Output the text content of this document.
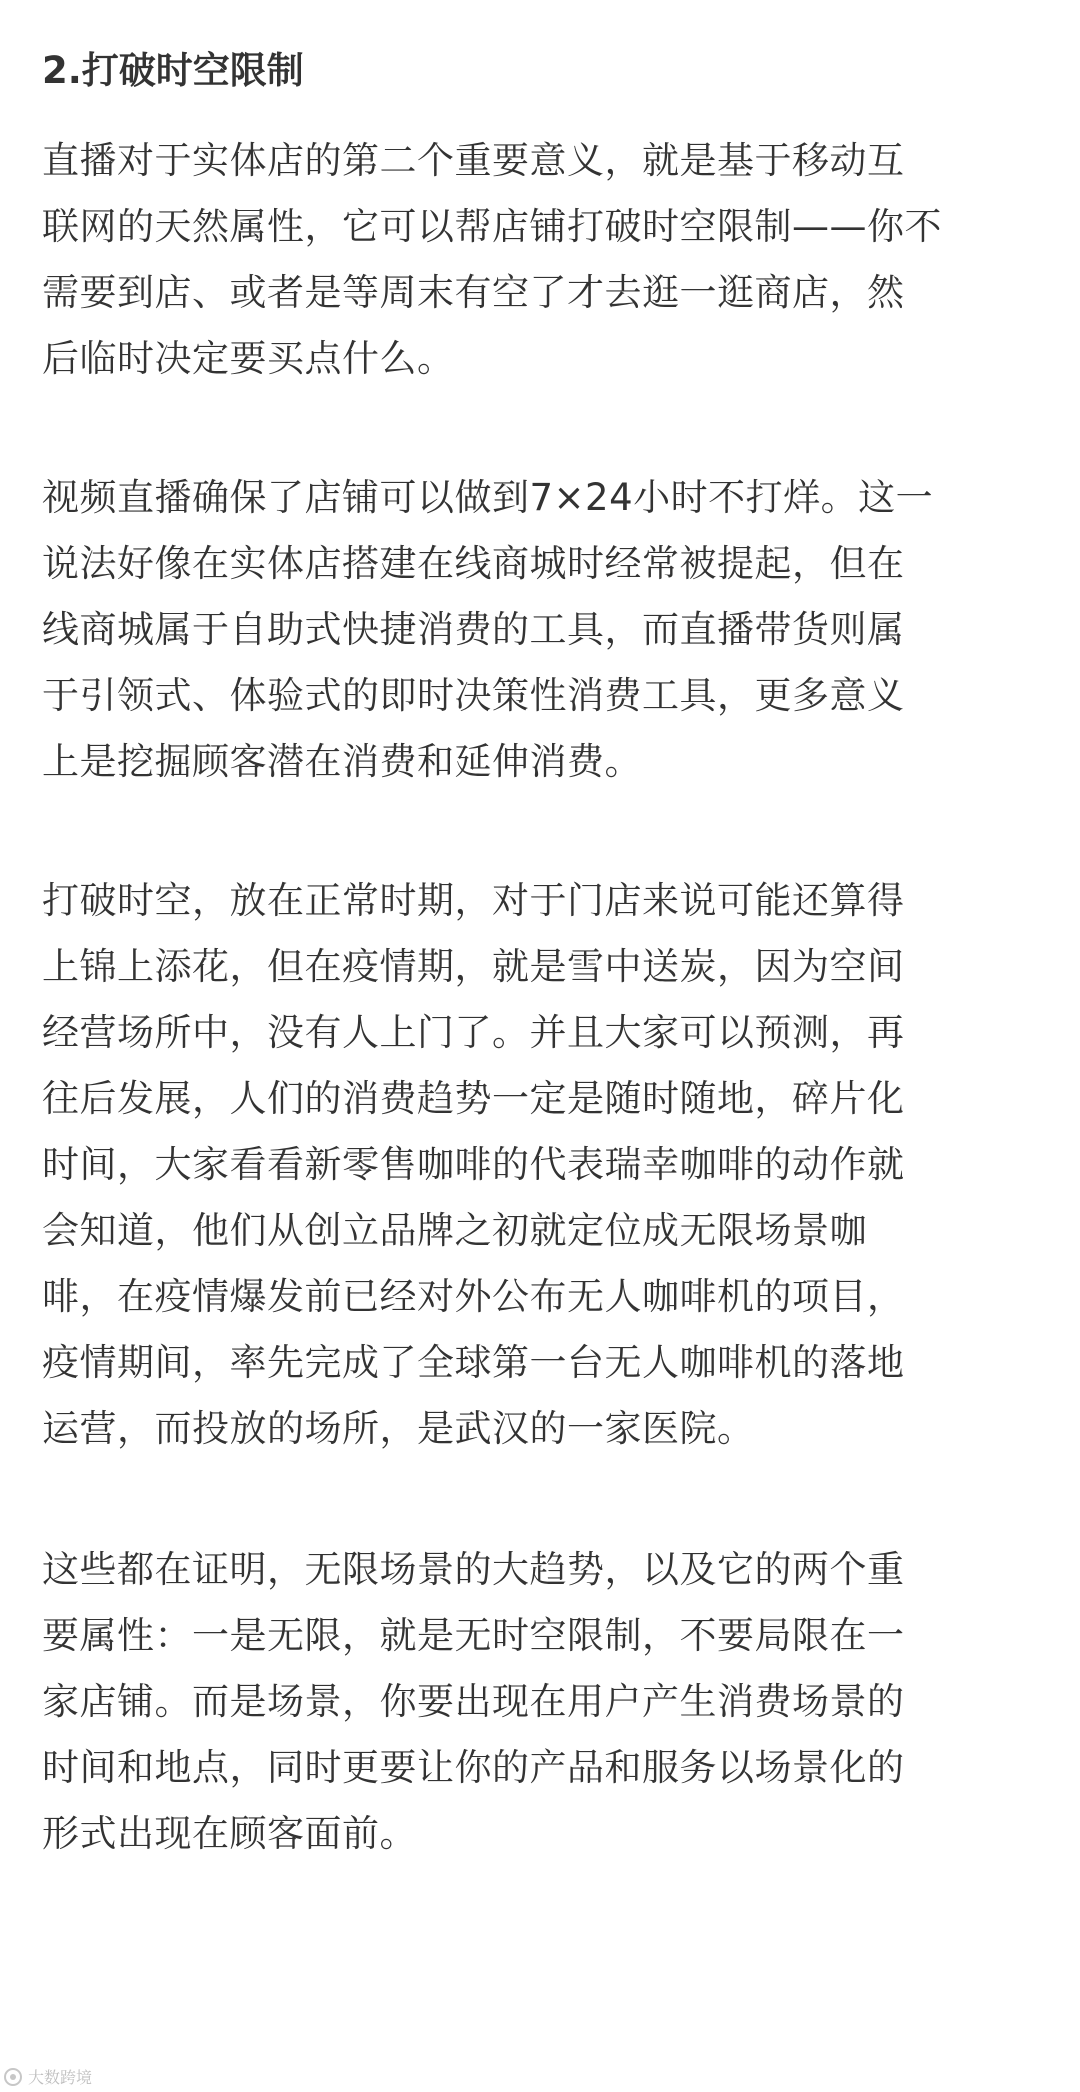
2.打破时空限制
直播对于实体店的第二个重要意义，就是基于移动互
联网的天然属性，它可以帮店铺打破时空限制——你不
需要到店、或者是等周末有空了才去逛一逛商店，然
后临时决定要买点什么。
视频直播确保了店铺可以做到7×24小时不打烊。这一
说法好像在实体店搭建在线商城时经常被提起，但在
线商城属于自助式快捷消费的工具，而直播带货则属
于引领式、体验式的即时决策性消费工具，更多意义
上是挖掘顾客潜在消费和延伸消费。
打破时空，放在正常时期，对于门店来说可能还算得
上锦上添花，但在疫情期，就是雪中送炭，因为空间
经营场所中，没有人上门了。并且大家可以预测，再
往后发展，人们的消费趋势一定是随时随地，碎片化
时间，大家看看新零售咖啡的代表瑞幸咖啡的动作就
会知道，他们从创立品牌之初就定位成无限场景咖
啡，在疫情爆发前已经对外公布无人咖啡机的项目，
疫情期间，率先完成了全球第一台无人咖啡机的落地
运营，而投放的场所，是武汉的一家医院。
这些都在证明，无限场景的大趋势，以及它的两个重
要属性：一是无限，就是无时空限制，不要局限在一
家店铺。而是场景，你要出现在用户产生消费场景的
时间和地点，同时更要让你的产品和服务以场景化的
形式出现在顾客面前。
大数跨境
